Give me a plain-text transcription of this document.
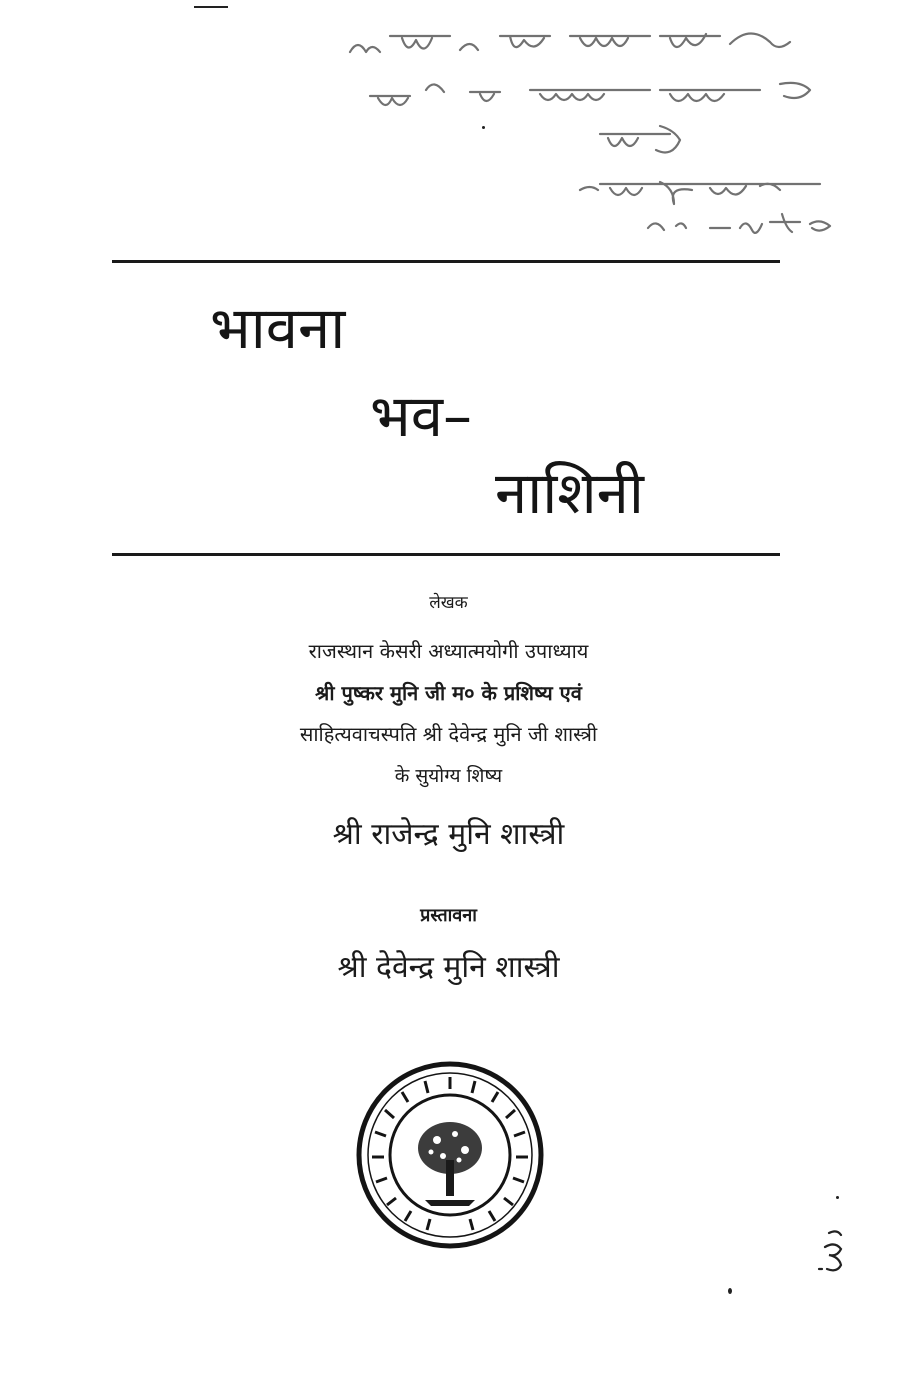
भावना
भव–
नाशिनी
लेखक
राजस्थान केसरी अध्यात्मयोगी उपाध्याय
श्री पुष्कर मुनि जी म० के प्रशिष्य एवं
साहित्यवाचस्पति श्री देवेन्द्र मुनि जी शास्त्री
के सुयोग्य शिष्य
श्री राजेन्द्र मुनि शास्त्री
प्रस्तावना
श्री देवेन्द्र मुनि शास्त्री
